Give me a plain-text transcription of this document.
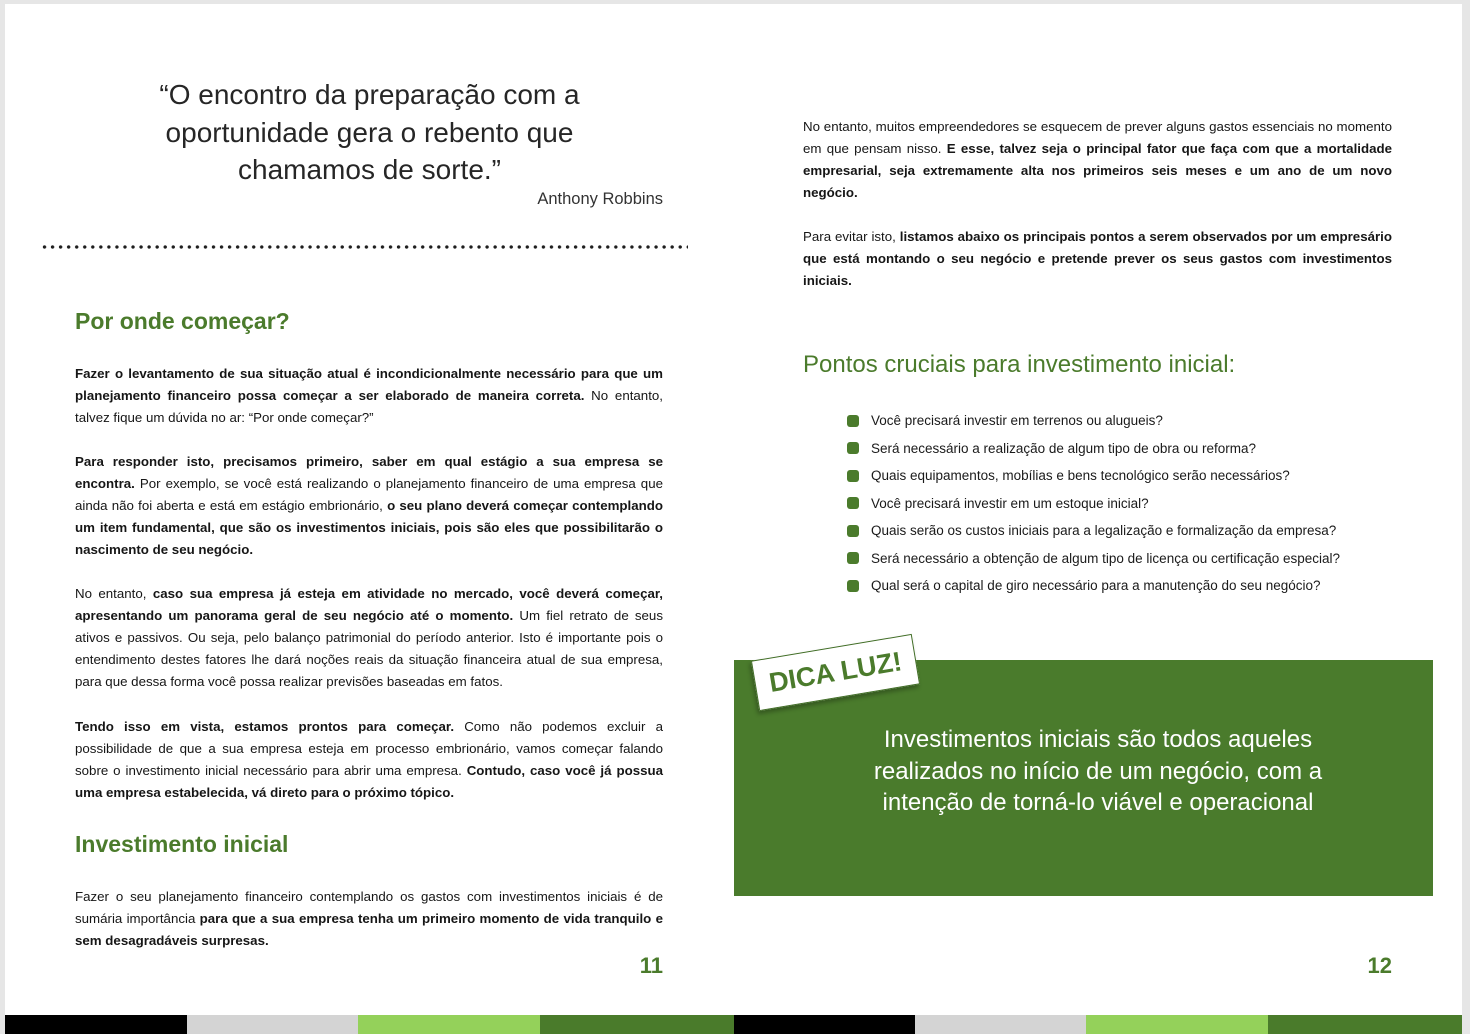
“O encontro da preparação com a
oportunidade gera o rebento que
chamamos de sorte.”
Anthony Robbins
Por onde começar?
Fazer o levantamento de sua situação atual é incondicionalmente necessário para que um planejamento financeiro possa começar a ser elaborado de maneira correta. No entanto, talvez fique um dúvida no ar: “Por onde começar?”
Para responder isto, precisamos primeiro, saber em qual estágio a sua empresa se encontra. Por exemplo, se você está realizando o planejamento financeiro de uma empresa que ainda não foi aberta e está em estágio embrionário, o seu plano deverá começar contemplando um item fundamental, que são os investimentos iniciais, pois são eles que possibilitarão o nascimento de seu negócio.
No entanto, caso sua empresa já esteja em atividade no mercado, você deverá começar, apresentando um panorama geral de seu negócio até o momento. Um fiel retrato de seus ativos e passivos. Ou seja, pelo balanço patrimonial do período anterior. Isto é importante pois o entendimento destes fatores lhe dará noções reais da situação financeira atual de sua empresa, para que dessa forma você possa realizar previsões baseadas em fatos.
Tendo isso em vista, estamos prontos para começar. Como não podemos excluir a possibilidade de que a sua empresa esteja em processo embrionário, vamos começar falando sobre o investimento inicial necessário para abrir uma empresa. Contudo, caso você já possua uma empresa estabelecida, vá direto para o próximo tópico.
Investimento inicial
Fazer o seu planejamento financeiro contemplando os gastos com investimentos iniciais é de sumária importância para que a sua empresa tenha um primeiro momento de vida tranquilo e sem desagradáveis surpresas.
11
No entanto, muitos empreendedores se esquecem de prever alguns gastos essenciais no momento em que pensam nisso. E esse, talvez seja o principal fator que faça com que a mortalidade empresarial, seja extremamente alta nos primeiros seis meses e um ano de um novo negócio.
Para evitar isto, listamos abaixo os principais pontos a serem observados por um empresário que está montando o seu negócio e pretende prever os seus gastos com investimentos iniciais.
Pontos cruciais para investimento inicial:
Você precisará investir em terrenos ou alugueis?
Será necessário a realização de algum tipo de obra ou reforma?
Quais equipamentos, mobílias e bens tecnológico serão necessários?
Você precisará investir em um estoque inicial?
Quais serão os custos iniciais para a legalização e formalização da empresa?
Será necessário a obtenção de algum tipo de licença ou certificação especial?
Qual será o capital de giro necessário para a manutenção do seu negócio?
Investimentos iniciais são todos aqueles
realizados no início de um negócio, com a
intenção de torná-lo viável e operacional
DICA LUZ!
12
